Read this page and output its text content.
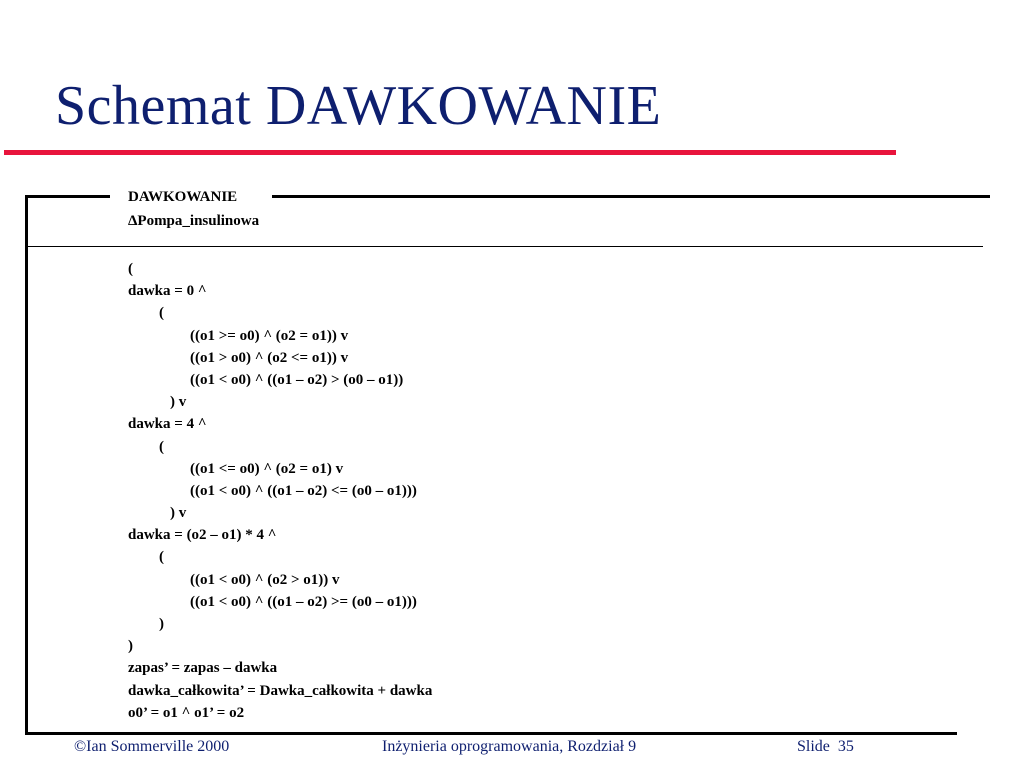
Schemat DAWKOWANIE

DAWKOWANIE

ΔPompa_insulinowa

(
dawka = 0 ^
(
((o1 >= o0) ^ (o2 = o1)) v
((o1 > o0) ^ (o2 <= o1)) v
((o1 < o0) ^ ((o1 – o2) > (o0 – o1))
) v
dawka = 4 ^
(
((o1 <= o0) ^ (o2 = o1) v
((o1 < o0) ^ ((o1 – o2) <= (o0 – o1)))
) v
dawka = (o2 – o1) * 4 ^
(
((o1 < o0) ^ (o2 > o1)) v
((o1 < o0) ^ ((o1 – o2) >= (o0 – o1)))
)
)
zapas’ = zapas – dawka
dawka_całkowita’ = Dawka_całkowita + dawka
o0’ = o1 ^ o1’ = o2
©Ian Sommerville 2000	Inżynieria oprogramowania, Rozdział 9	Slide 35
